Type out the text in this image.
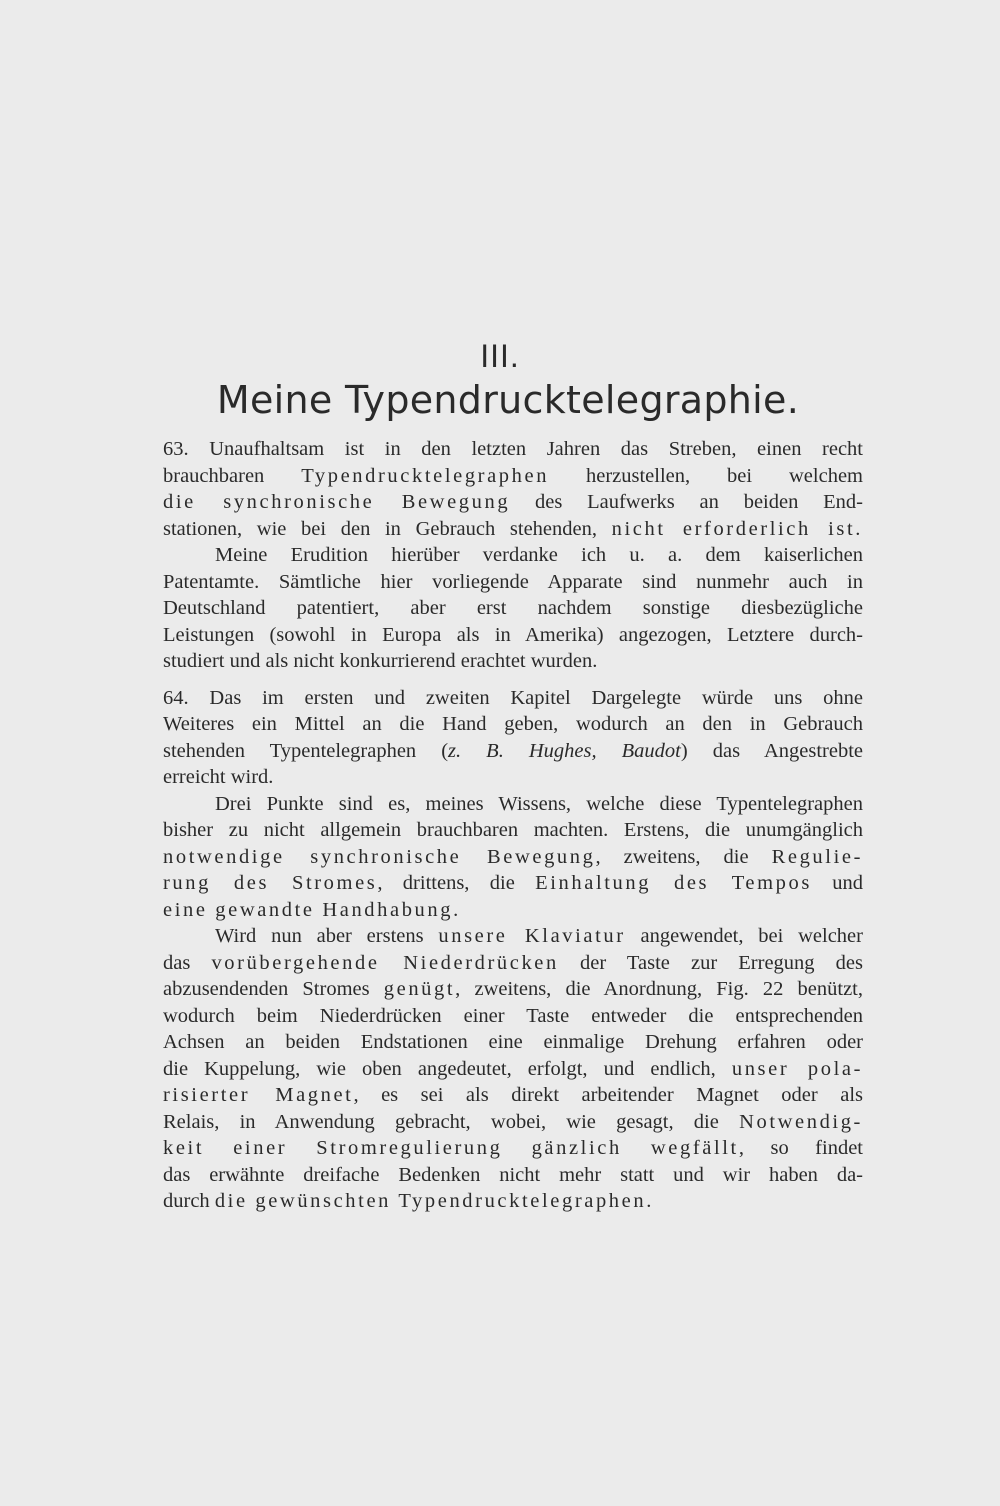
III.
Meine Typendrucktelegraphie.
63. Unaufhaltsam ist in den letzten Jahren das Streben, einen recht
brauchbaren Typendrucktelegraphen herzustellen, bei welchem
die synchronische Bewegung des Laufwerks an beiden End-
stationen, wie bei den in Gebrauch stehenden, nicht erforderlich ist.
Meine Erudition hierüber verdanke ich u. a. dem kaiserlichen
Patentamte. Sämtliche hier vorliegende Apparate sind nunmehr auch in
Deutschland patentiert, aber erst nachdem sonstige diesbezügliche
Leistungen (sowohl in Europa als in Amerika) angezogen, Letztere durch-
studiert und als nicht konkurrierend erachtet wurden.
64. Das im ersten und zweiten Kapitel Dargelegte würde uns ohne
Weiteres ein Mittel an die Hand geben, wodurch an den in Gebrauch
stehenden Typentelegraphen (z. B. Hughes, Baudot) das Angestrebte
erreicht wird.
Drei Punkte sind es, meines Wissens, welche diese Typentelegraphen
bisher zu nicht allgemein brauchbaren machten. Erstens, die unumgänglich
notwendige synchronische Bewegung, zweitens, die Regulie-
rung des Stromes, drittens, die Einhaltung des Tempos und
eine gewandte Handhabung.
Wird nun aber erstens unsere Klaviatur angewendet, bei welcher
das vorübergehende Niederdrücken der Taste zur Erregung des
abzusendenden Stromes genügt, zweitens, die Anordnung, Fig. 22 benützt,
wodurch beim Niederdrücken einer Taste entweder die entsprechenden
Achsen an beiden Endstationen eine einmalige Drehung erfahren oder
die Kuppelung, wie oben angedeutet, erfolgt, und endlich, unser pola-
risierter Magnet, es sei als direkt arbeitender Magnet oder als
Relais, in Anwendung gebracht, wobei, wie gesagt, die Notwendig-
keit einer Stromregulierung gänzlich wegfällt, so findet
das erwähnte dreifache Bedenken nicht mehr statt und wir haben da-
durch die gewünschten Typendrucktelegraphen.
